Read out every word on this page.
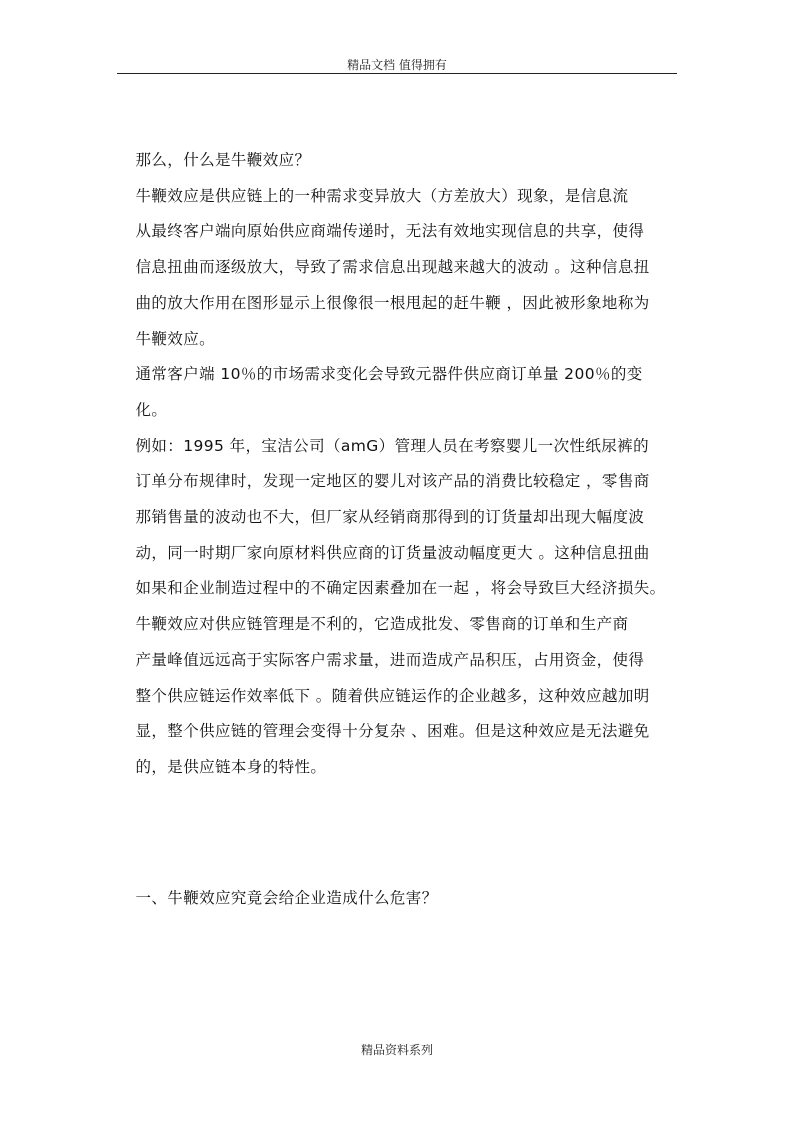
精品文档 值得拥有

那么，什么是牛鞭效应？

牛鞭效应是供应链上的一种需求变异放大（方差放大）现象，是信息流
从最终客户端向原始供应商端传递时，无法有效地实现信息的共享，使得
信息扭曲而逐级放大，导致了需求信息出现越来越大的波动 。这种信息扭
曲的放大作用在图形显示上很像很一根甩起的赶牛鞭 ，因此被形象地称为
牛鞭效应。

通常客户端 10％的市场需求变化会导致元器件供应商订单量 200％的变
化。

例如：1995 年，宝洁公司（amG）管理人员在考察婴儿一次性纸尿裤的
订单分布规律时，发现一定地区的婴儿对该产品的消费比较稳定 ，零售商
那销售量的波动也不大，但厂家从经销商那得到的订货量却出现大幅度波
动，同一时期厂家向原材料供应商的订货量波动幅度更大 。这种信息扭曲
如果和企业制造过程中的不确定因素叠加在一起 ，将会导致巨大经济损失。

牛鞭效应对供应链管理是不利的，它造成批发、零售商的订单和生产商
产量峰值远远高于实际客户需求量，进而造成产品积压，占用资金，使得
整个供应链运作效率低下 。随着供应链运作的企业越多，这种效应越加明
显，整个供应链的管理会变得十分复杂 、困难。但是这种效应是无法避免
的，是供应链本身的特性。

一、牛鞭效应究竟会给企业造成什么危害？

精品资料系列
